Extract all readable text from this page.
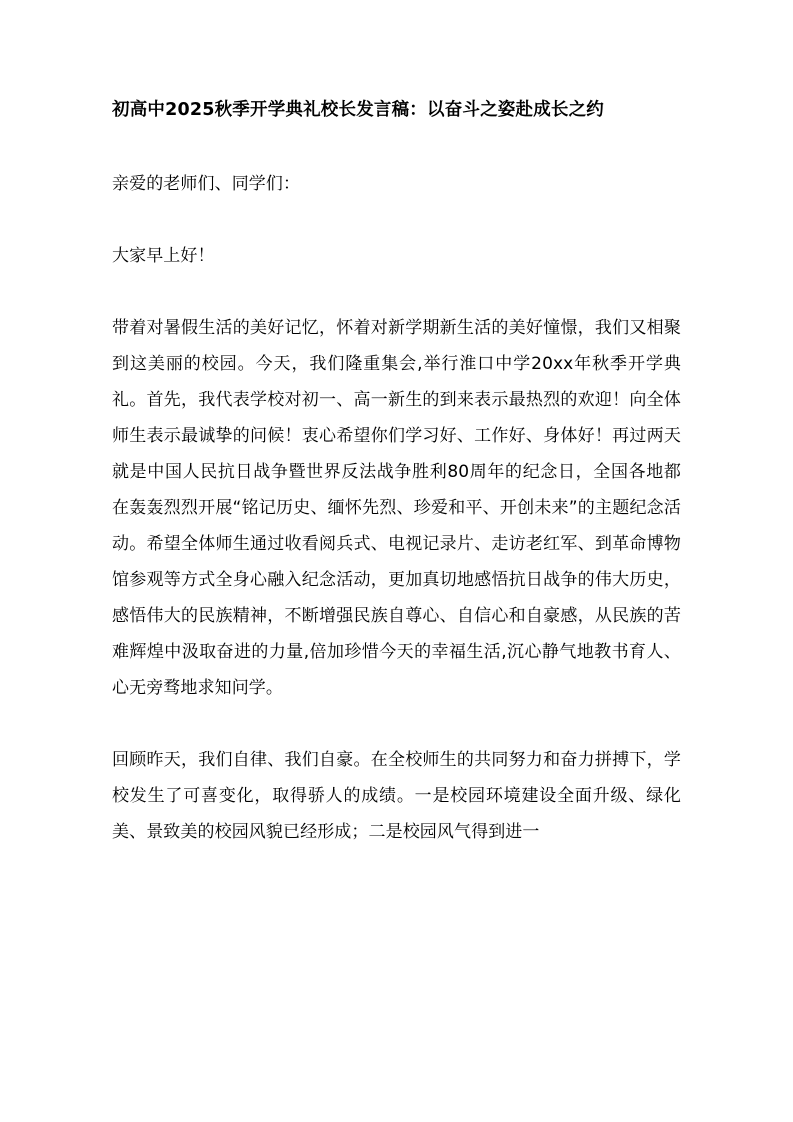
初高中2025秋季开学典礼校长发言稿：以奋斗之姿赴成长之约

亲爱的老师们、同学们：

大家早上好！

带着对暑假生活的美好记忆，怀着对新学期新生活的美好憧憬，我们又相聚到这美丽的校园。今天，我们隆重集会,举行淮口中学20xx年秋季开学典礼。首先，我代表学校对初一、高一新生的到来表示最热烈的欢迎！向全体师生表示最诚挚的问候！衷心希望你们学习好、工作好、身体好！再过两天就是中国人民抗日战争暨世界反法战争胜利80周年的纪念日，全国各地都在轰轰烈烈开展“铭记历史、缅怀先烈、珍爱和平、开创未来”的主题纪念活动。希望全体师生通过收看阅兵式、电视记录片、走访老红军、到革命博物馆参观等方式全身心融入纪念活动，更加真切地感悟抗日战争的伟大历史，感悟伟大的民族精神，不断增强民族自尊心、自信心和自豪感，从民族的苦难辉煌中汲取奋进的力量,倍加珍惜今天的幸福生活,沉心静气地教书育人、心无旁骛地求知问学。

回顾昨天，我们自律、我们自豪。在全校师生的共同努力和奋力拼搏下，学校发生了可喜变化，取得骄人的成绩。一是校园环境建设全面升级、绿化美、景致美的校园风貌已经形成；二是校园风气得到进一
